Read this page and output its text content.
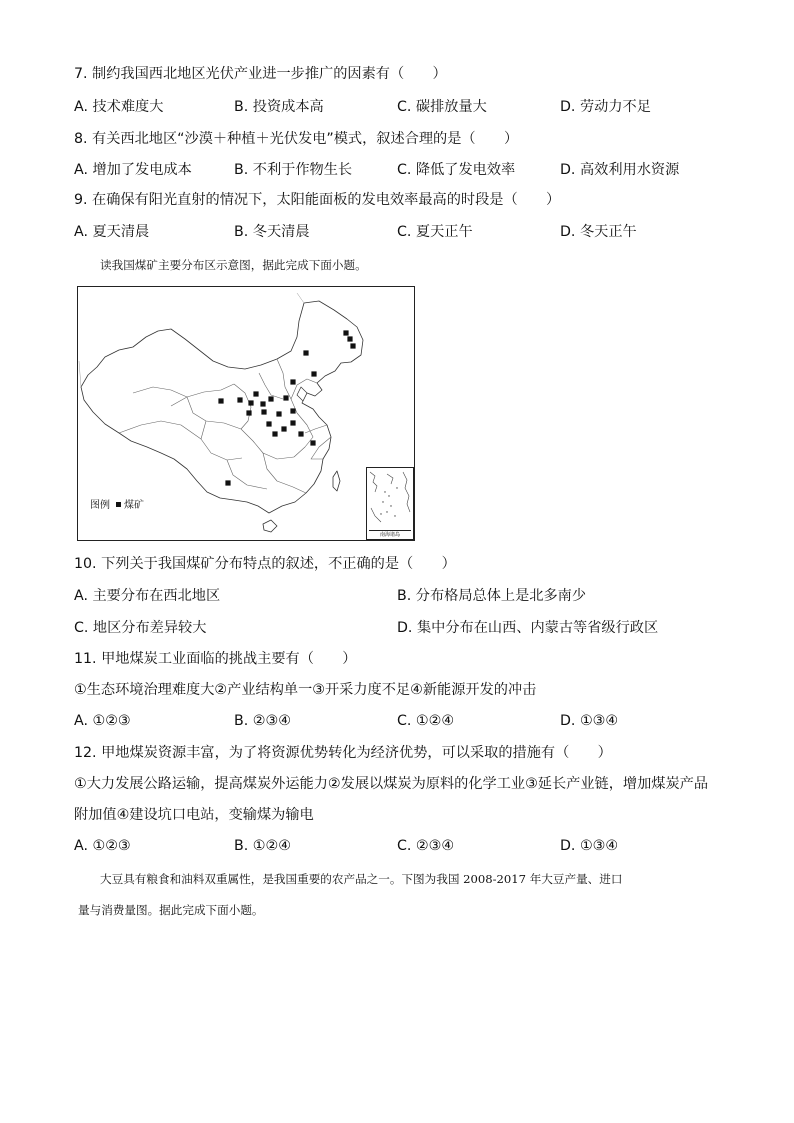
7. 制约我国西北地区光伏产业进一步推广的因素有（　　）
A. 技术难度大	B. 投资成本高	C. 碳排放量大	D. 劳动力不足
8. 有关西北地区“沙漠＋种植＋光伏发电”模式，叙述合理的是（　　）
A. 增加了发电成本	B. 不利于作物生长	C. 降低了发电效率	D. 高效利用水资源
9. 在确保有阳光直射的情况下，太阳能面板的发电效率最高的时段是（　　）
A. 夏天清晨	B. 冬天清晨	C. 夏天正午	D. 冬天正午
读我国煤矿主要分布区示意图，据此完成下面小题。
图例 煤矿
南海诸岛
10. 下列关于我国煤矿分布特点的叙述，不正确的是（　　）
A. 主要分布在西北地区	B. 分布格局总体上是北多南少
C. 地区分布差异较大	D. 集中分布在山西、内蒙古等省级行政区
11. 甲地煤炭工业面临的挑战主要有（　　）
①生态环境治理难度大②产业结构单一③开采力度不足④新能源开发的冲击
A. ①②③	B. ②③④	C. ①②④	D. ①③④
12. 甲地煤炭资源丰富，为了将资源优势转化为经济优势，可以采取的措施有（　　）
①大力发展公路运输，提高煤炭外运能力②发展以煤炭为原料的化学工业③延长产业链，增加煤炭产品
附加值④建设坑口电站，变输煤为输电
A. ①②③	B. ①②④	C. ②③④	D. ①③④
大豆具有粮食和油料双重属性，是我国重要的农产品之一。下图为我国 2008-2017 年大豆产量、进口
量与消费量图。据此完成下面小题。
